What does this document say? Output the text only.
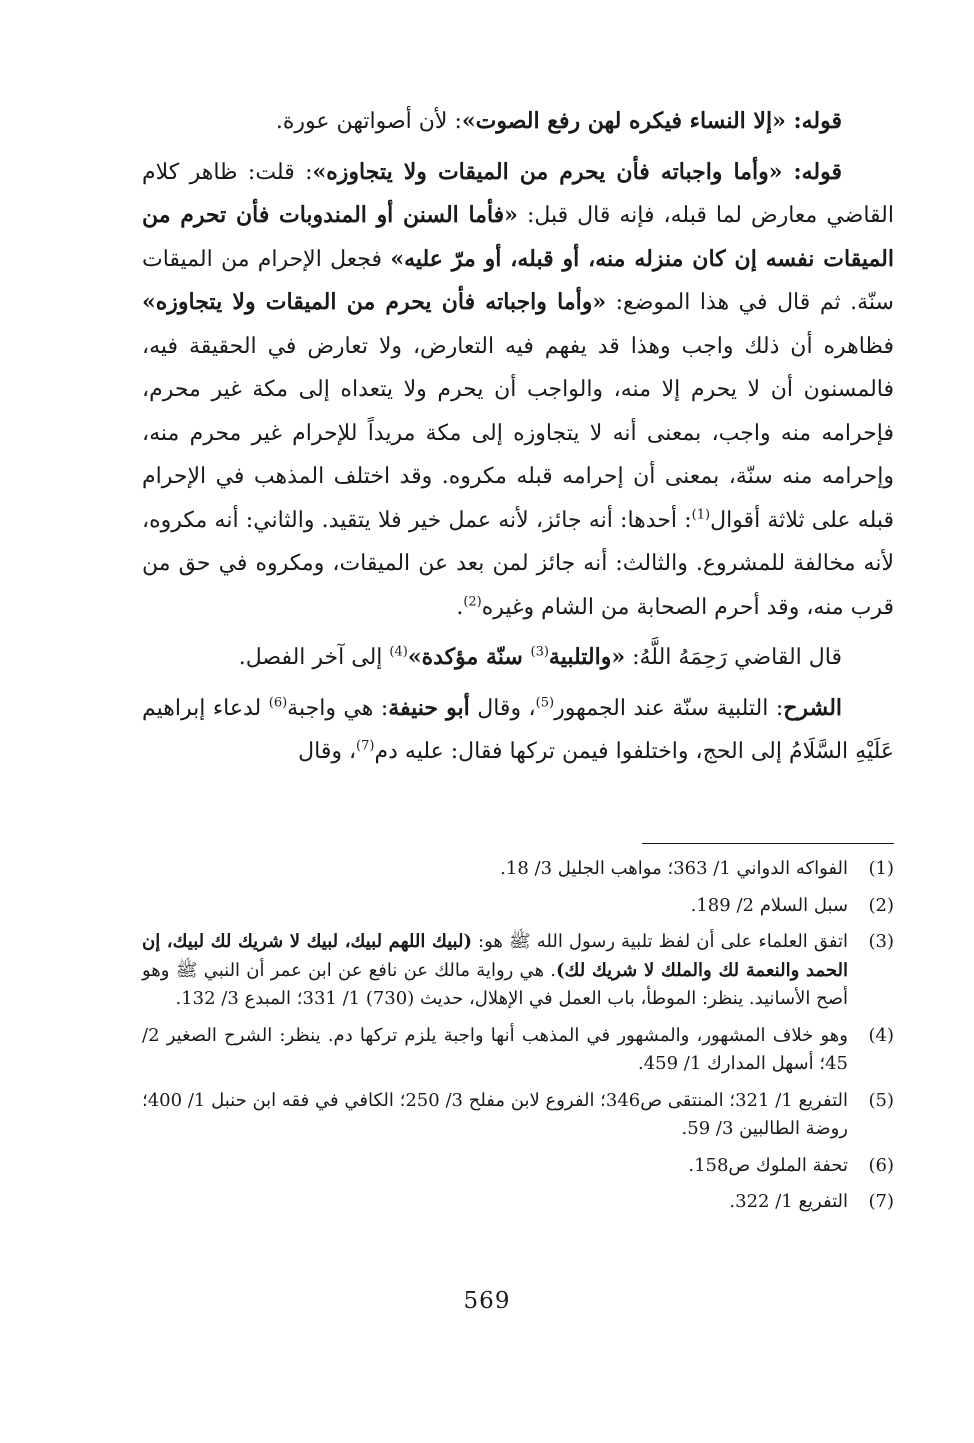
قوله: «إلا النساء فيكره لهن رفع الصوت»: لأن أصواتهن عورة.

قوله: «وأما واجباته فأن يحرم من الميقات ولا يتجاوزه»: قلت: ظاهر كلام القاضي معارض لما قبله، فإنه قال قبل: «فأما السنن أو المندوبات فأن تحرم من الميقات نفسه إن كان منزله منه، أو قبله، أو مرّ عليه» فجعل الإحرام من الميقات سنّة. ثم قال في هذا الموضع: «وأما واجباته فأن يحرم من الميقات ولا يتجاوزه» فظاهره أن ذلك واجب وهذا قد يفهم فيه التعارض، ولا تعارض في الحقيقة فيه، فالمسنون أن لا يحرم إلا منه، والواجب أن يحرم ولا يتعداه إلى مكة غير محرم، فإحرامه منه واجب، بمعنى أنه لا يتجاوزه إلى مكة مريداً للإحرام غير محرم منه، وإحرامه منه سنّة، بمعنى أن إحرامه قبله مكروه. وقد اختلف المذهب في الإحرام قبله على ثلاثة أقوال$^{(1)}$: أحدها: أنه جائز، لأنه عمل خير فلا يتقيد. والثاني: أنه مكروه، لأنه مخالفة للمشروع. والثالث: أنه جائز لمن بعد عن الميقات، ومكروه في حق من قرب منه، وقد أحرم الصحابة من الشام وغيره$^{(2)}$.

قال القاضي رَحِمَهُ اللَّهُ: «والتلبية$^{(3)}$ سنّة مؤكدة»$^{(4)}$ إلى آخر الفصل.

الشرح: التلبية سنّة عند الجمهور$^{(5)}$، وقال أبو حنيفة: هي واجبة$^{(6)}$ لدعاء إبراهيم عَلَيْهِ السَّلَامُ إلى الحج، واختلفوا فيمن تركها فقال: عليه دم$^{(7)}$، وقال

(1)
الفواكه الدواني 1/ 363؛ مواهب الجليل 3/ 18.
(2)
سبل السلام 2/ 189.
(3)
اتفق العلماء على أن لفظ تلبية رسول الله ﷺ هو: (لبيك اللهم لبيك، لبيك لا شريك لك لبيك، إن الحمد والنعمة لك والملك لا شريك لك). هي رواية مالك عن نافع عن ابن عمر أن النبي ﷺ وهو أصح الأسانيد. ينظر: الموطأ، باب العمل في الإهلال، حديث (730) 1/ 331؛ المبدع 3/ 132.
(4)
وهو خلاف المشهور، والمشهور في المذهب أنها واجبة يلزم تركها دم. ينظر: الشرح الصغير 2/ 45؛ أسهل المدارك 1/ 459.
(5)
التفريع 1/ 321؛ المنتقى ص346؛ الفروع لابن مفلح 3/ 250؛ الكافي في فقه ابن حنبل 1/ 400؛ روضة الطالبين 3/ 59.
(6)
تحفة الملوك ص158.
(7)
التفريع 1/ 322.
569
